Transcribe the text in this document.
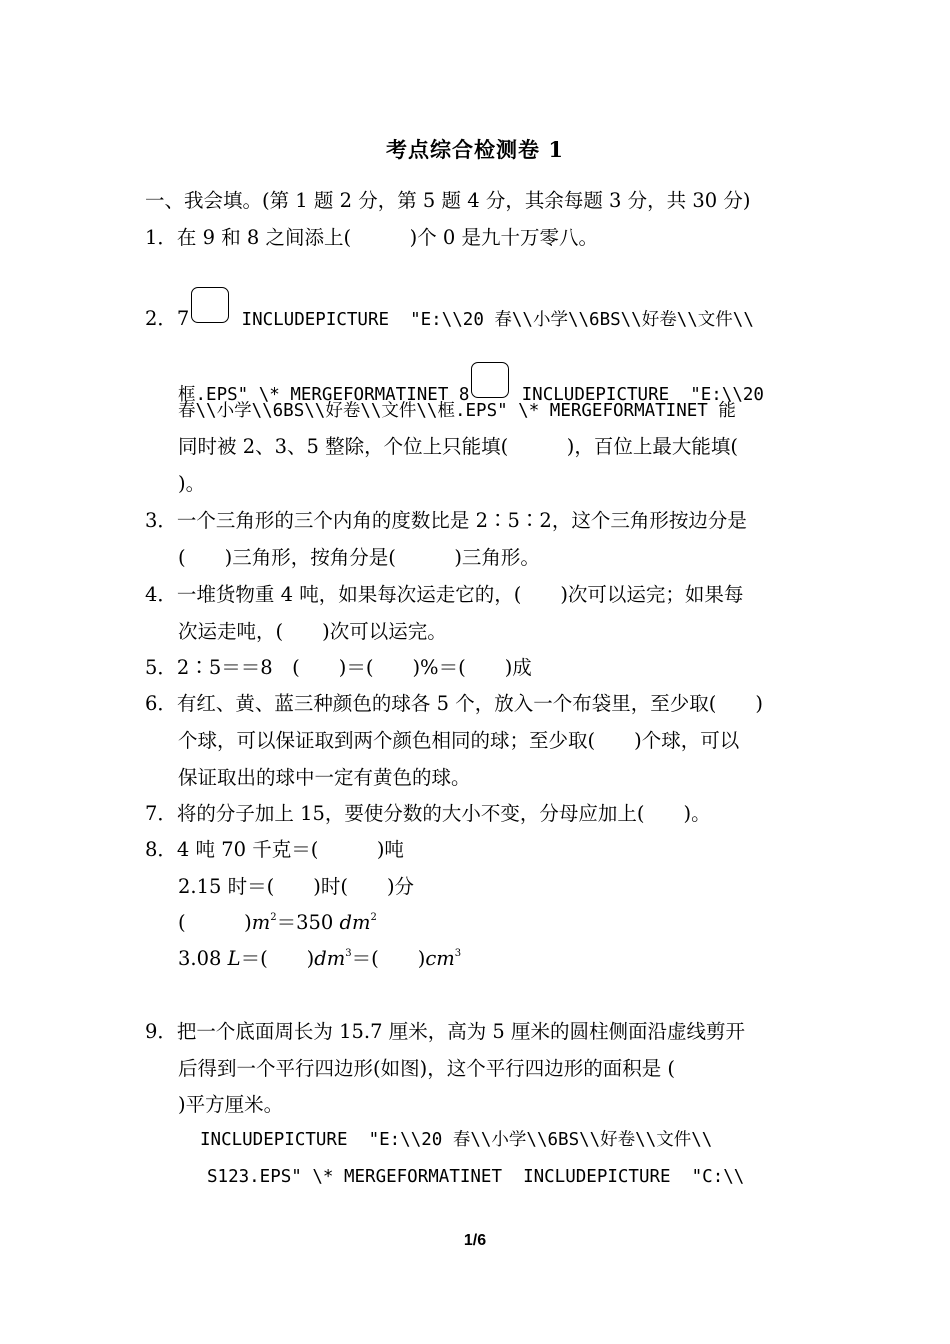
考点综合检测卷 1
一、我会填。(第 1 题 2 分，第 5 题 4 分，其余每题 3 分，共 30 分)
1．在 9 和 8 之间添上(　　　)个 0 是九十万零八。
2．7	INCLUDEPICTURE  "E:\\20 春\\小学\\6BS\\好卷\\文件\\
框.EPS" \* MERGEFORMATINET 8	INCLUDEPICTURE  "E:\\20
春\\小学\\6BS\\好卷\\文件\\框.EPS" \* MERGEFORMATINET 能
同时被 2、3、5 整除，个位上只能填(　　　)，百位上最大能填(
)。
3．一个三角形的三个内角的度数比是 2∶5∶2，这个三角形按边分是
(　　)三角形，按角分是(　　　)三角形。
4．一堆货物重 4 吨，如果每次运走它的，(　　)次可以运完；如果每
次运走吨，(　　)次可以运完。
5．2∶5＝＝8　(　　)＝(　　)%＝(　　)成
6．有红、黄、蓝三种颜色的球各 5 个，放入一个布袋里，至少取(　　)
个球，可以保证取到两个颜色相同的球；至少取(　　)个球，可以
保证取出的球中一定有黄色的球。
7．将的分子加上 15，要使分数的大小不变，分母应加上(　　)。
8．4 吨 70 千克＝(　　　)吨
2.15 时＝(　　)时(　　)分
(　　　)$m^2=350$ $dm^2$
3.08 L＝(　　)$dm^3=$(　　)$cm^3$
9．把一个底面周长为 15.7 厘米，高为 5 厘米的圆柱侧面沿虚线剪开
后得到一个平行四边形(如图)，这个平行四边形的面积是 (
)平方厘米。
INCLUDEPICTURE  "E:\\20 春\\小学\\6BS\\好卷\\文件\\
S123.EPS" \* MERGEFORMATINET  INCLUDEPICTURE  "C:\\
1/6
